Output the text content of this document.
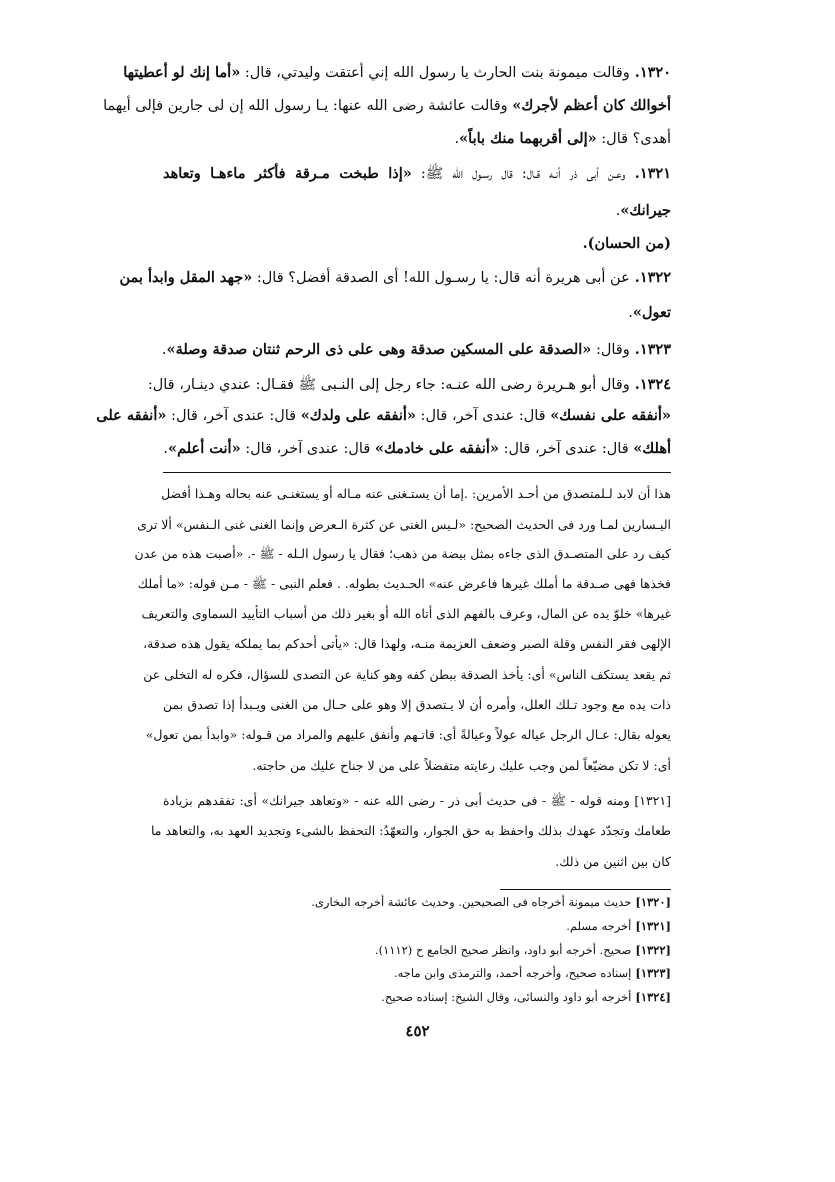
١٣٢٠. وقالت ميمونة بنت الحارث يا رسول الله إني أعتقت وليدتي، قال: «أما إنك لو أعطيتها
أخوالك كان أعظم لأجرك» وقالت عائشة رضى الله عنها: يـا رسول الله إن لى جارين فإلى أيهما
أهدى؟ قال: «إلى أقربهما منك باباً».
١٣٢١. وعـن أبى ذر أنـه قـال: قال رسـول الله ﷺ: «إذا طبخت مـرقة فأكثر ماءهـا وتعاهد
جيرانك».
(من الحسان).
١٣٢٢. عن أبى هريرة أنه قال: يا رسـول الله! أى الصدقة أفضل؟ قال: «جهد المقل وابدأ بمن
تعول».
١٣٢٣. وقال: «الصدقة على المسكين صدقة وهى على ذى الرحم ثنتان صدقة وصلة».
١٣٢٤. وقال أبو هـريرة رضى الله عنـه: جاء رجل إلى النـبى ﷺ فقـال: عندي دينـار، قال:
«أنفقه على نفسك» قال: عندى آخر، قال: «أنفقه على ولدك» قال: عندى آخر، قال: «أنفقه على
أهلك» قال: عندى آخر، قال: «أنفقه على خادمك» قال: عندى آخر، قال: «أنت أعلم».
هذا أن لابد لـلمتصدق من أحـد الأمرين: .إما أن يستـغنى عنه مـاله أو يستغنـى عنه بحاله وهـذا أفضل
اليـسارين لمـا ورد فى الحديث الصحيح: «لـيس الغنى عن كثرة الـعرض وإنما الغنى غنى الـنفس» ألا ترى
كيف رد على المتصـدق الذى جاءه بمثل بيضة من ذهب؛ فقال يا رسول الـله - ﷺ -. «أصبت هذه من عدن
فخذها فهى صـدقة ما أملك غيرها فاعرض عنه» الحـديث بطوله. . فعلم النبى - ﷺ - مـن قوله: «ما أملك
غيرها» خلوّ يده عن المال، وعرف بالفهم الذى أتاه الله أو بغير ذلك من أسباب التأييد السماوى والتعريف
الإلهى فقر النفس وقلة الصبر وضعف العزيمة منـه، ولهذا قال: «يأتى أحدكم بما يملكه يقول هذه صدقة،
ثم يقعد يستكف الناس» أى: يأخذ الصدقة ببطن كفه وهو كناية عن التصدى للسؤال، فكره له التخلى عن
ذات يده مع وجود تـلك العلل، وأمره أن لا يـتصدق إلا وهو على حـال من الغنى ويـبدأ إذا تصدق بمن
يعوله بقال: عـال الرجل عياله عولاً وعيالةً أى: قاتـهم وأنفق عليهم والمراد من قـوله: «وابدأ بمن تعول»
أى: لا تكن مضيّعاً لمن وجب عليك رعايته متفضلاً على من لا جناح عليك من حاجته.
[١٣٢١] ومنه قوله - ﷺ - فى حديث أبى ذر - رضى الله عنه - «وتعاهد جيرانك» أى: تفقدهم بزيادة
طعامك وتجدّد عهدك بذلك واحفظ به حق الجوار، والتعهّدُ: التحفظ بالشىء وتجديد العهد به، والتعاهد ما
كان بين اثنين من ذلك.
[١٣٢٠] حديث ميمونة أخرجاه فى الصحيحين. وحديث عائشة أخرجه البخارى.
[١٣٢١] أخرجه مسلم.
[١٣٢٢] صحيح. أخرجه أبو داود، وانظر صحيح الجامع ح (١١١٢).
[١٣٢٣] إسناده صحيح، وأخرجه أحمد، والترمذى وابن ماجه.
[١٣٢٤] أخرجه أبو داود والنسائى، وقال الشيخ: إسناده صحيح.
٤٥٢
